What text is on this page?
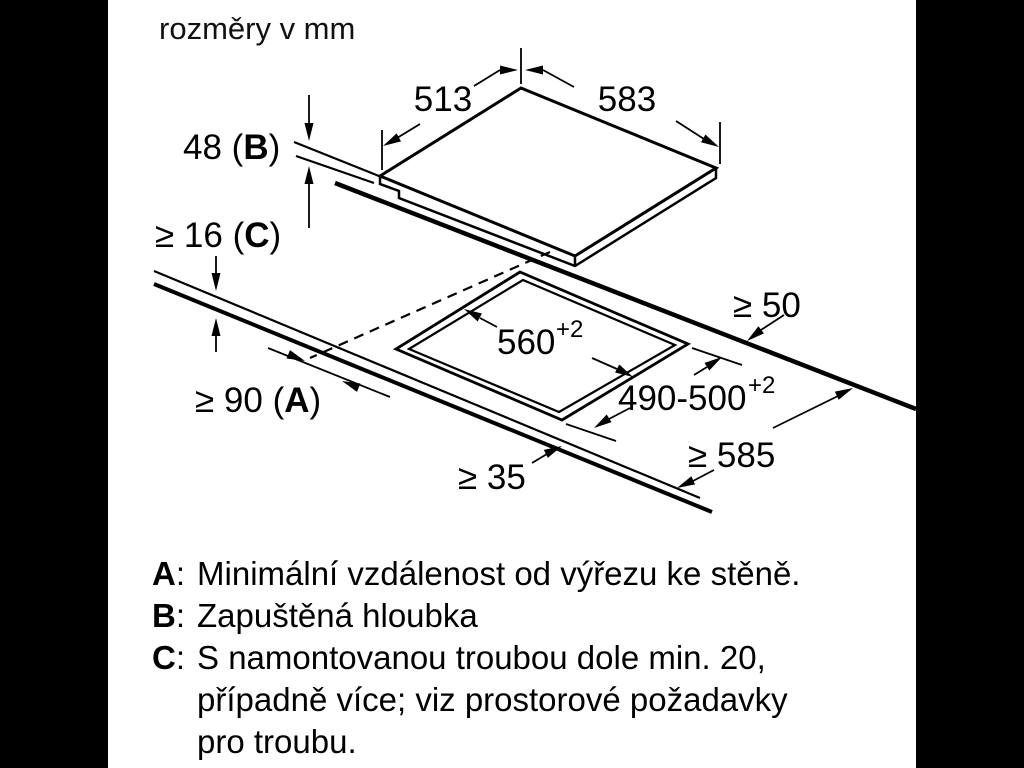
rozměry v mm
513	583
48 (B)
≥ 16 (C)
≥ 50
560 +2
490-500 +2
≥ 90 (A)
≥ 35
≥ 585
A : Minimální vzdálenost od výřezu ke stěně.
B : Zapuštěná hloubka
C : S namontovanou troubou dole min. 20,
případně více; viz prostorové požadavky
pro troubu.
